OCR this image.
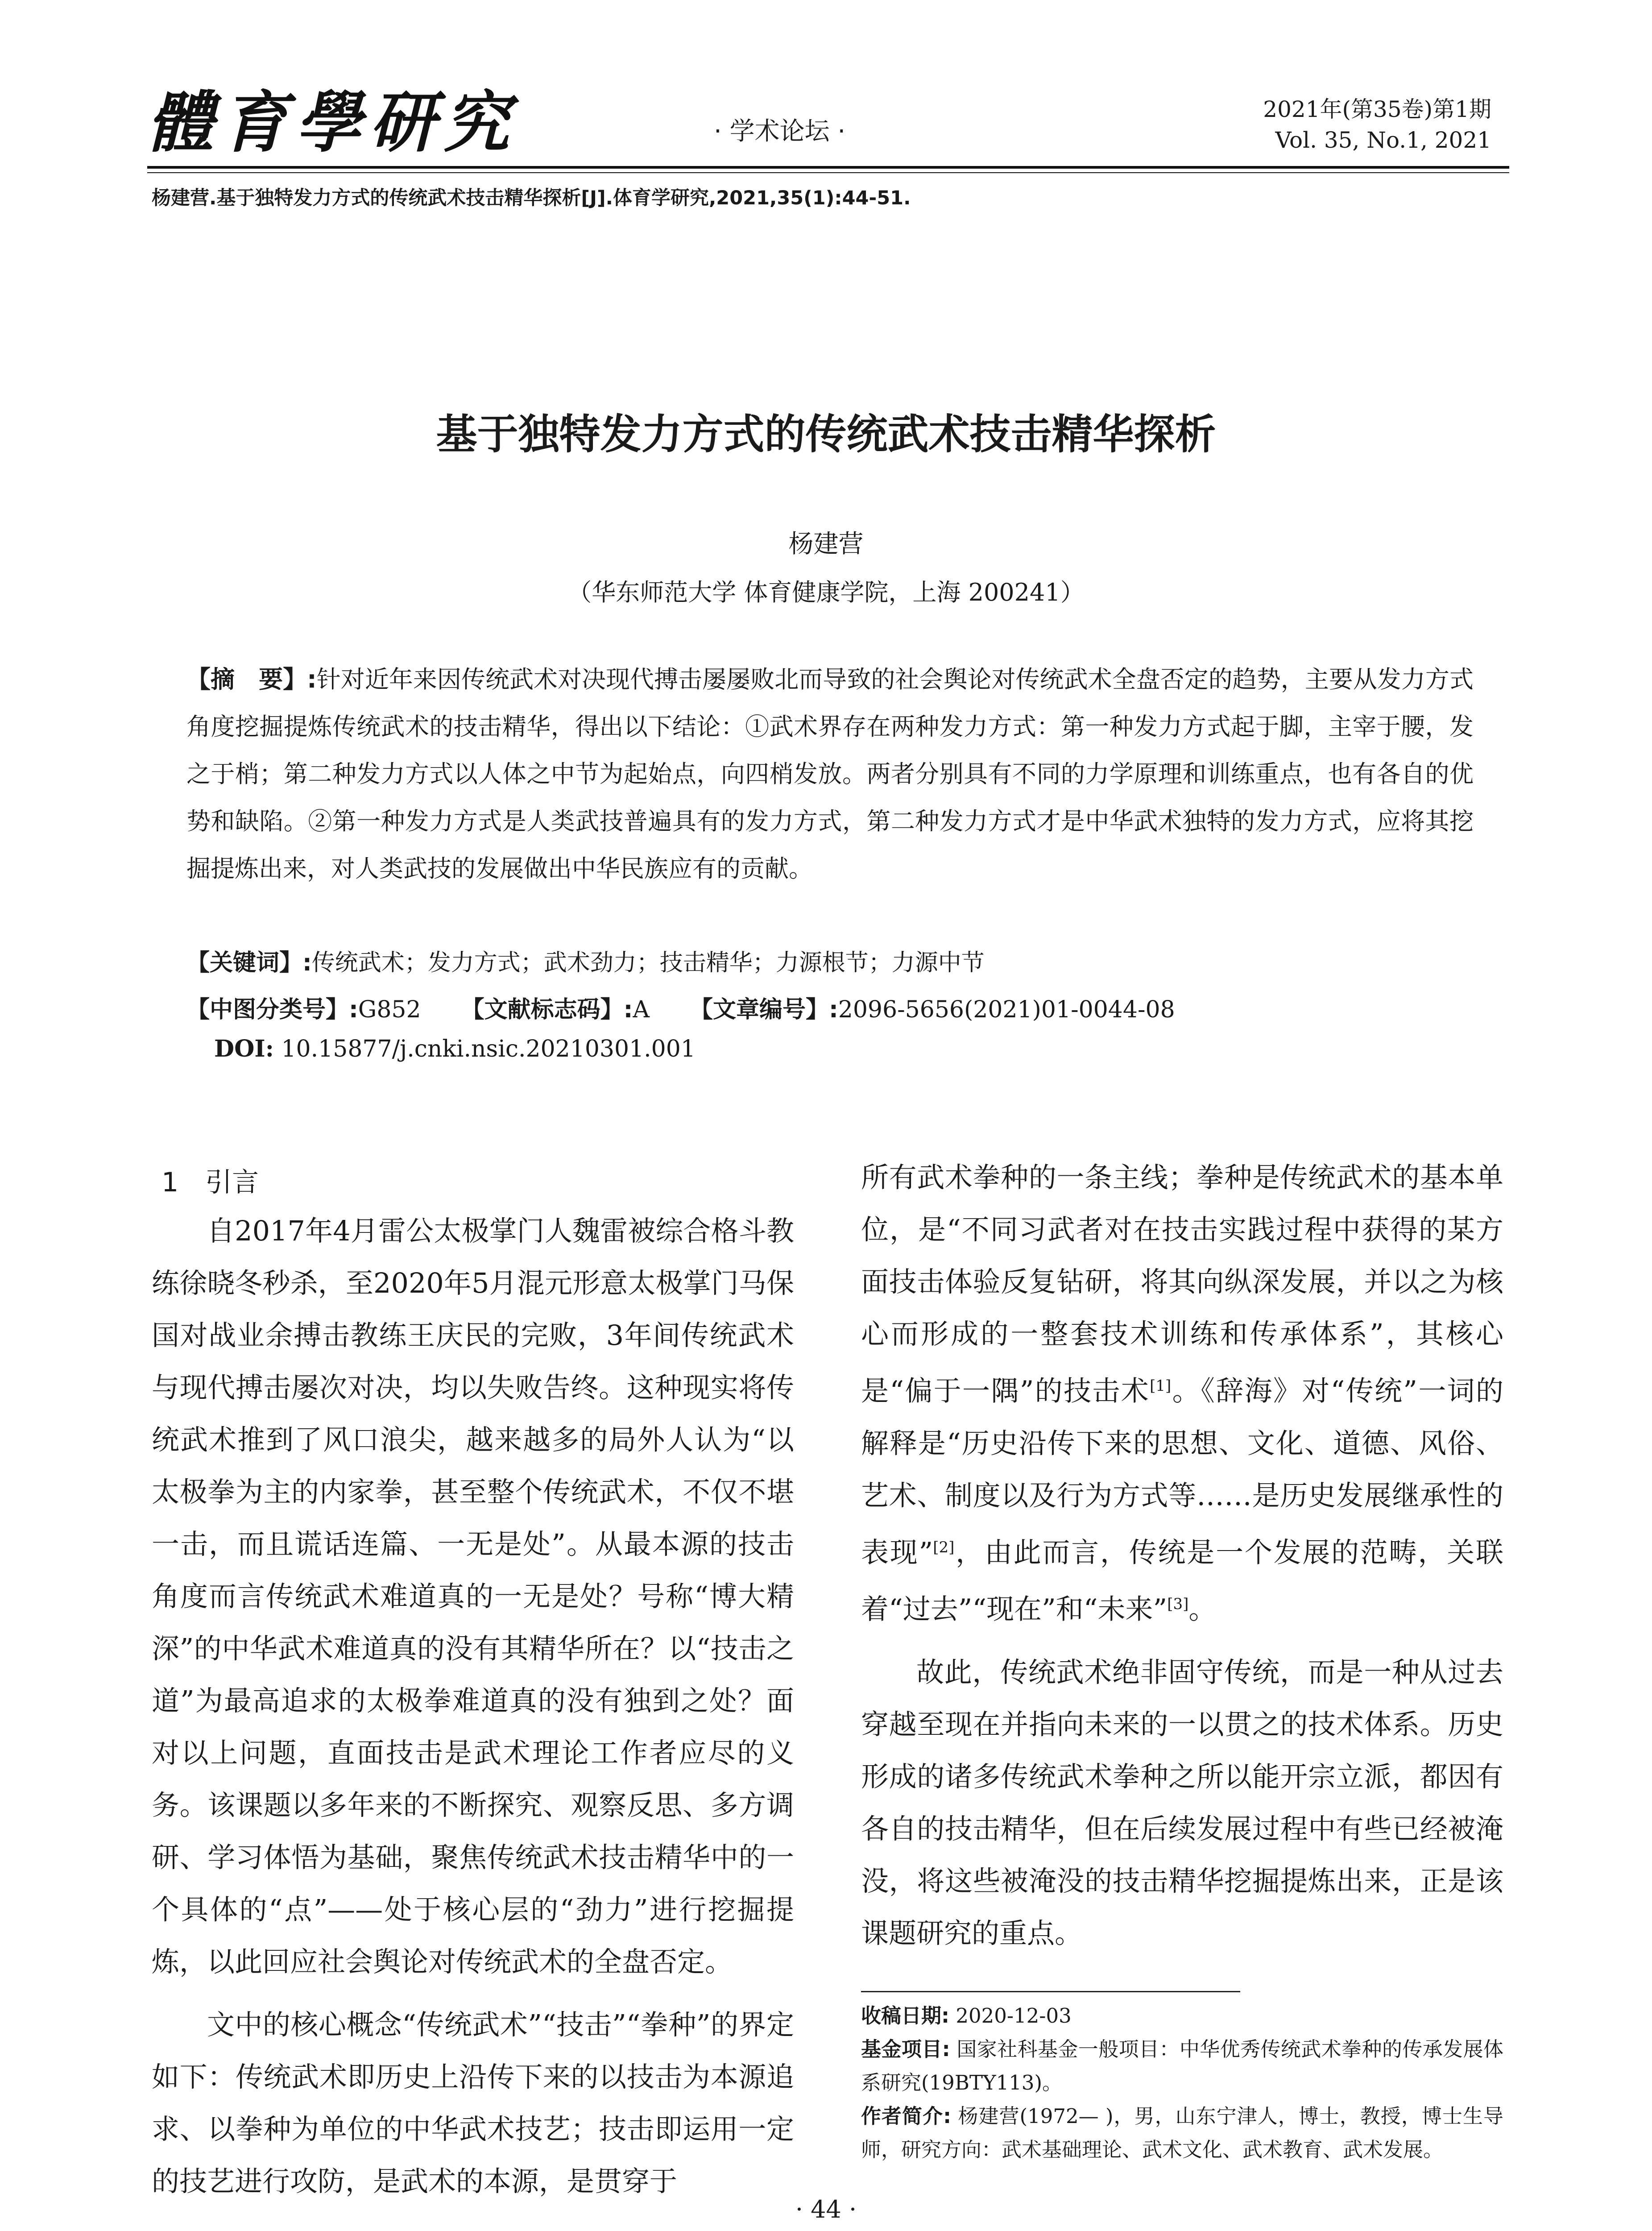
體育學研究	· 学术论坛 ·
2021年(第35卷)第1期
Vol. 35, No.1, 2021
杨建营.基于独特发力方式的传统武术技击精华探析[J].体育学研究,2021,35(1):44-51.
基于独特发力方式的传统武术技击精华探析
杨建营
（华东师范大学 体育健康学院，上海 200241）
【摘　要】:针对近年来因传统武术对决现代搏击屡屡败北而导致的社会舆论对传统武术全盘否定的趋势，主要从发力方式角度挖掘提炼传统武术的技击精华，得出以下结论：①武术界存在两种发力方式：第一种发力方式起于脚，主宰于腰，发之于梢；第二种发力方式以人体之中节为起始点，向四梢发放。两者分别具有不同的力学原理和训练重点，也有各自的优势和缺陷。②第一种发力方式是人类武技普遍具有的发力方式，第二种发力方式才是中华武术独特的发力方式，应将其挖掘提炼出来，对人类武技的发展做出中华民族应有的贡献。
【关键词】:传统武术；发力方式；武术劲力；技击精华；力源根节；力源中节
【中图分类号】:G852 【文献标志码】:A 【文章编号】:2096-5656(2021)01-0044-08
DOI: 10.15877/j.cnki.nsic.20210301.001
1　引言

自2017年4月雷公太极掌门人魏雷被综合格斗教练徐晓冬秒杀，至2020年5月混元形意太极掌门马保国对战业余搏击教练王庆民的完败，3年间传统武术与现代搏击屡次对决，均以失败告终。这种现实将传统武术推到了风口浪尖，越来越多的局外人认为“以太极拳为主的内家拳，甚至整个传统武术，不仅不堪一击，而且谎话连篇、一无是处”。从最本源的技击角度而言传统武术难道真的一无是处？号称“博大精深”的中华武术难道真的没有其精华所在？以“技击之道”为最高追求的太极拳难道真的没有独到之处？面对以上问题，直面技击是武术理论工作者应尽的义务。该课题以多年来的不断探究、观察反思、多方调研、学习体悟为基础，聚焦传统武术技击精华中的一个具体的“点”——处于核心层的“劲力”进行挖掘提炼，以此回应社会舆论对传统武术的全盘否定。

文中的核心概念“传统武术”“技击”“拳种”的界定如下：传统武术即历史上沿传下来的以技击为本源追求、以拳种为单位的中华武术技艺；技击即运用一定的技艺进行攻防，是武术的本源，是贯穿于

所有武术拳种的一条主线；拳种是传统武术的基本单位，是“不同习武者对在技击实践过程中获得的某方面技击体验反复钻研，将其向纵深发展，并以之为核心而形成的一整套技术训练和传承体系”，其核心是“偏于一隅”的技击术[1]。《辞海》对“传统”一词的解释是“历史沿传下来的思想、文化、道德、风俗、艺术、制度以及行为方式等……是历史发展继承性的表现”[2]，由此而言，传统是一个发展的范畴，关联着“过去”“现在”和“未来”[3]。

故此，传统武术绝非固守传统，而是一种从过去穿越至现在并指向未来的一以贯之的技术体系。历史形成的诸多传统武术拳种之所以能开宗立派，都因有各自的技击精华，但在后续发展过程中有些已经被淹没，将这些被淹没的技击精华挖掘提炼出来，正是该课题研究的重点。

收稿日期: 2020-12-03

基金项目: 国家社科基金一般项目：中华优秀传统武术拳种的传承发展体系研究(19BTY113)。

作者简介: 杨建营(1972— )，男，山东宁津人，博士，教授，博士生导师，研究方向：武术基础理论、武术文化、武术教育、武术发展。

· 44 ·
